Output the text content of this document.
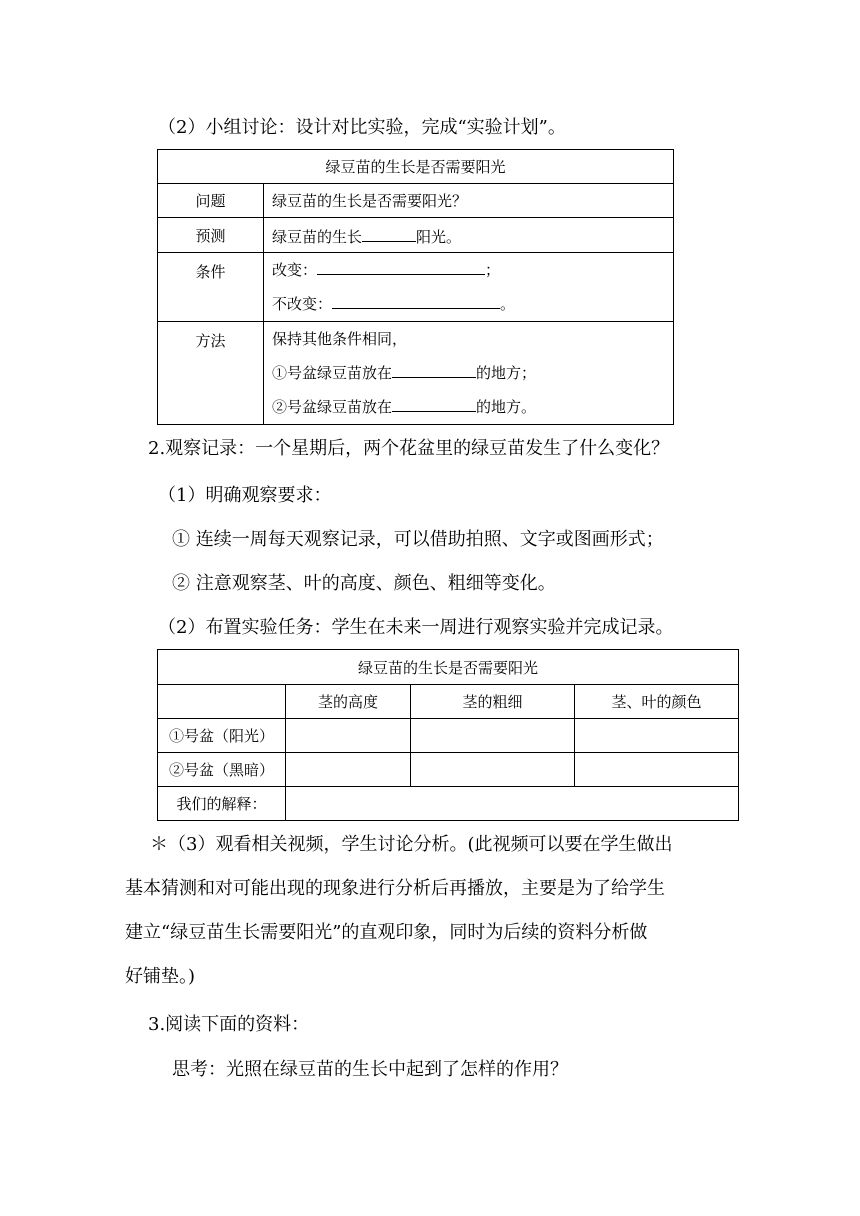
（2）小组讨论：设计对比实验，完成“实验计划”。
绿豆苗的生长是否需要阳光	
问题	绿豆苗的生长是否需要阳光？
预测	绿豆苗的生长 阳光。
条件	改变： ；
不改变： 。

方法	保持其他条件相同，
①号盆绿豆苗放在 的地方；
②号盆绿豆苗放在 的地方。
2.观察记录：一个星期后，两个花盆里的绿豆苗发生了什么变化？
（1）明确观察要求：
① 连续一周每天观察记录，可以借助拍照、文字或图画形式；
② 注意观察茎、叶的高度、颜色、粗细等变化。
（2）布置实验任务：学生在未来一周进行观察实验并完成记录。
绿豆苗的生长是否需要阳光			
	茎的高度	茎的粗细	茎、叶的颜色
①号盆（阳光）			
②号盆（黑暗）			
我们的解释：			
＊（3）观看相关视频，学生讨论分析。(此视频可以要在学生做出
基本猜测和对可能出现的现象进行分析后再播放，主要是为了给学生
建立“绿豆苗生长需要阳光”的直观印象，同时为后续的资料分析做
好铺垫。)
3.阅读下面的资料：
思考：光照在绿豆苗的生长中起到了怎样的作用？
